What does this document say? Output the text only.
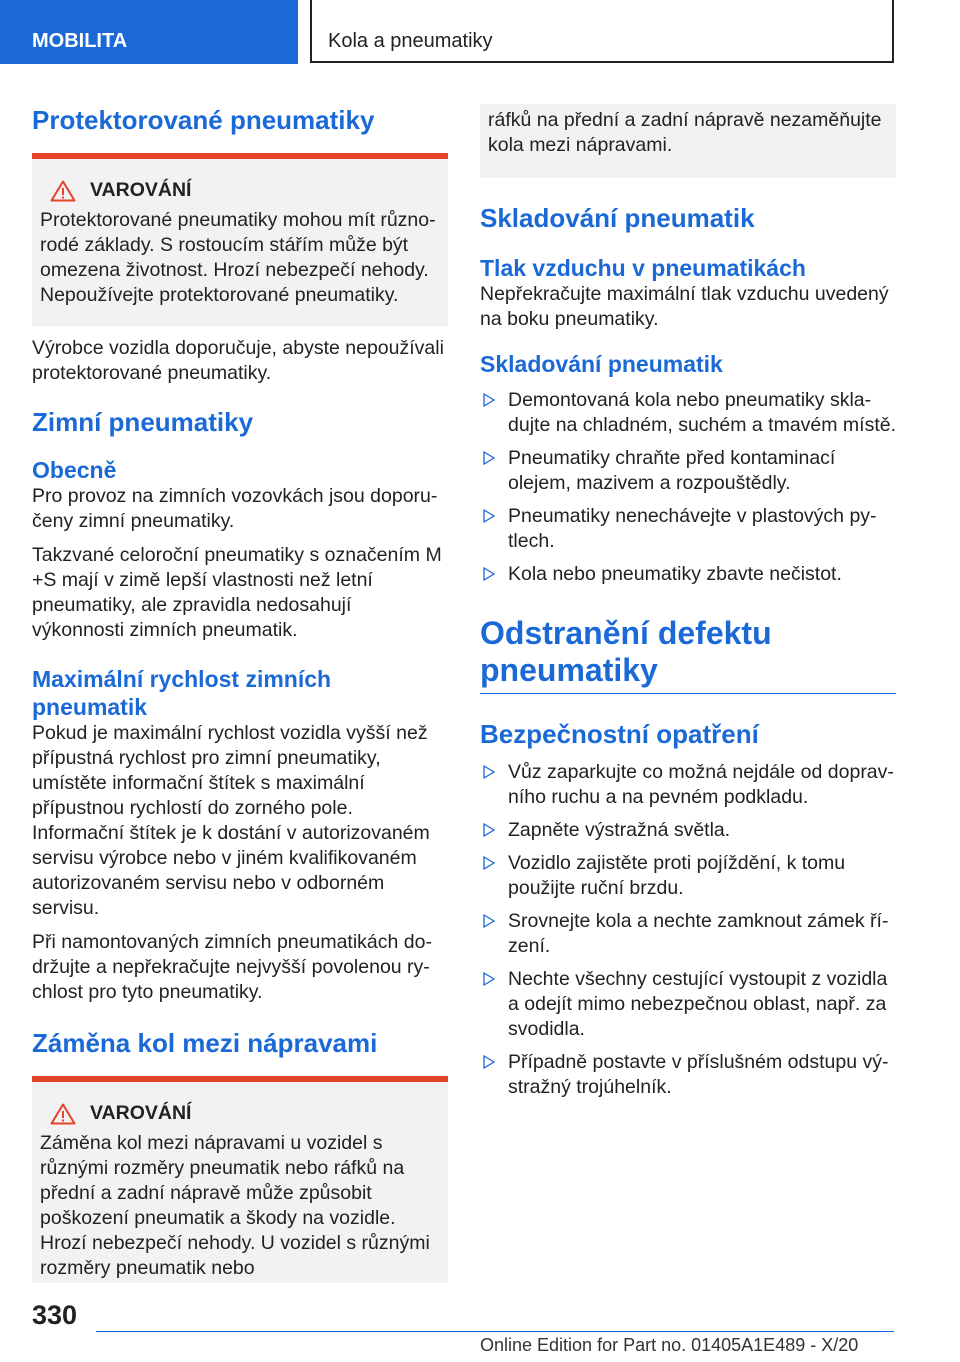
MOBILITA	Kola a pneumatiky
Protektorované pneumatiky
VAROVÁNÍ

Protektorované pneumatiky mohou mít různorodé základy. S rostoucím stářím může být omezena životnost. Hrozí nebezpečí nehody. Nepoužívejte protektorované pneumatiky.

Výrobce vozidla doporučuje, abyste nepoužívali protektorované pneumatiky.

Zimní pneumatiky
Obecně

Pro provoz na zimních vozovkách jsou doporučeny zimní pneumatiky.

Takzvané celoroční pneumatiky s označením M +S mají v zimě lepší vlastnosti než letní pneumatiky, ale zpravidla nedosahují výkonnosti zimních pneumatik.

Maximální rychlost zimních pneumatik

Pokud je maximální rychlost vozidla vyšší než přípustná rychlost pro zimní pneumatiky, umístěte informační štítek s maximální přípustnou rychlostí do zorného pole. Informační štítek je k dostání v autorizovaném servisu výrobce nebo v jiném kvalifikovaném autorizovaném servisu nebo v odborném servisu.

Při namontovaných zimních pneumatikách dodržujte a nepřekračujte nejvyšší povolenou rychlost pro tyto pneumatiky.

Záměna kol mezi nápravami
VAROVÁNÍ

Záměna kol mezi nápravami u vozidel s různými rozměry pneumatik nebo ráfků na přední a zadní nápravě může způsobit poškození pneumatik a škody na vozidle. Hrozí nebezpečí nehody. U vozidel s různými rozměry pneumatik nebo

ráfků na přední a zadní nápravě nezaměňujte kola mezi nápravami.

Skladování pneumatik
Tlak vzduchu v pneumatikách

Nepřekračujte maximální tlak vzduchu uvedený na boku pneumatiky.

Skladování pneumatik
Demontovaná kola nebo pneumatiky skladujte na chladném, suchém a tmavém místě.
Pneumatiky chraňte před kontaminací olejem, mazivem a rozpouštědly.
Pneumatiky nenechávejte v plastových pytlech.
Kola nebo pneumatiky zbavte nečistot.
Odstranění defektu pneumatiky
Bezpečnostní opatření
Vůz zaparkujte co možná nejdále od dopravního ruchu a na pevném podkladu.
Zapněte výstražná světla.
Vozidlo zajistěte proti pojíždění, k tomu použijte ruční brzdu.
Srovnejte kola a nechte zamknout zámek řízení.
Nechte všechny cestující vystoupit z vozidla a odejít mimo nebezpečnou oblast, např. za svodidla.
Případně postavte v příslušném odstupu výstražný trojúhelník.
330
Online Edition for Part no. 01405A1E489 - X/20
